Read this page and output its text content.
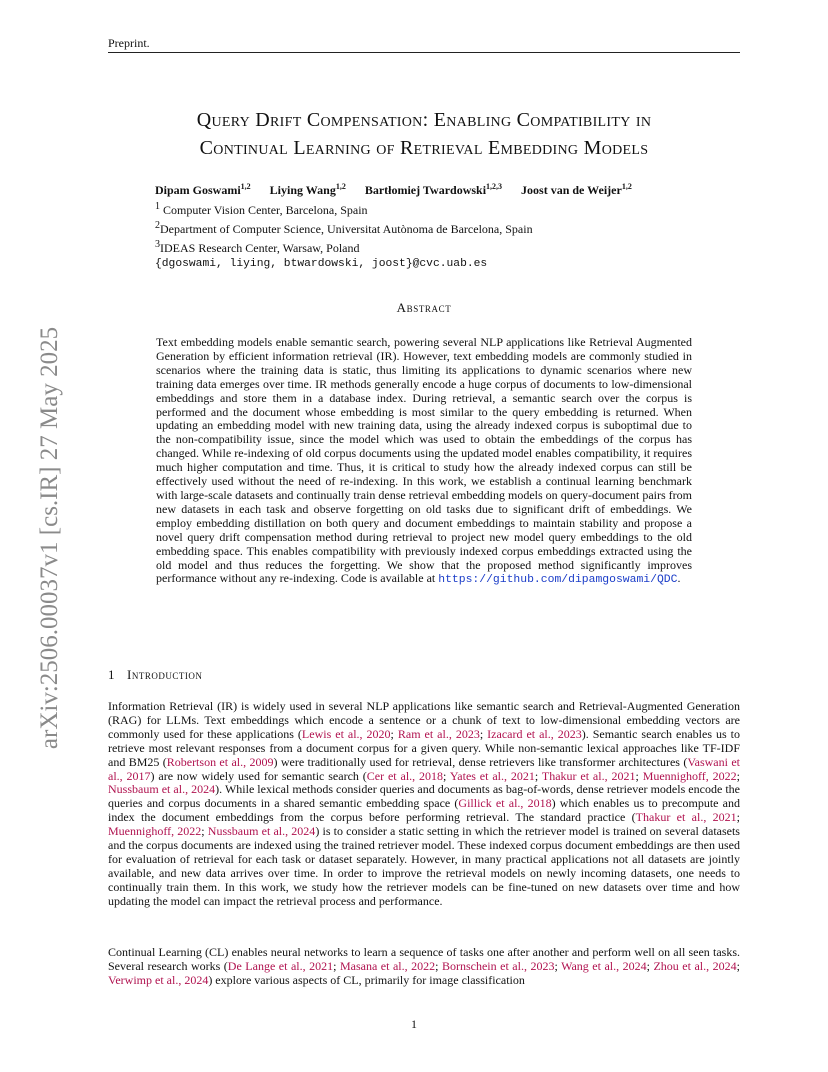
Preprint.
arXiv:2506.00037v1 [cs.IR] 27 May 2025
Query Drift Compensation: Enabling Compatibility in
Continual Learning of Retrieval Embedding Models
Dipam Goswami$^{1,2}$ Liying Wang$^{1,2}$ Bartłomiej Twardowski$^{1,2,3}$ Joost van de Weijer$^{1,2}$
$^1$ Computer Vision Center, Barcelona, Spain
$^2$Department of Computer Science, Universitat Autònoma de Barcelona, Spain
$^3$IDEAS Research Center, Warsaw, Poland
{dgoswami, liying, btwardowski, joost}@cvc.uab.es
Abstract
Text embedding models enable semantic search, powering several NLP applications like Retrieval Augmented Generation by efficient information retrieval (IR). However, text embedding models are commonly studied in scenarios where the training data is static, thus limiting its applications to dynamic scenarios where new training data emerges over time. IR methods generally encode a huge corpus of documents to low-dimensional embeddings and store them in a database index. During retrieval, a semantic search over the corpus is performed and the document whose embedding is most similar to the query embedding is returned. When updating an embedding model with new training data, using the already indexed corpus is suboptimal due to the non-compatibility issue, since the model which was used to obtain the embeddings of the corpus has changed. While re-indexing of old corpus documents using the updated model enables compatibility, it requires much higher computation and time. Thus, it is critical to study how the already indexed corpus can still be effectively used without the need of re-indexing. In this work, we establish a continual learning benchmark with large-scale datasets and continually train dense retrieval embedding models on query-document pairs from new datasets in each task and observe forgetting on old tasks due to significant drift of embeddings. We employ embedding distillation on both query and document embeddings to maintain stability and propose a novel query drift compensation method during retrieval to project new model query embeddings to the old embedding space. This enables compatibility with previously indexed corpus embeddings extracted using the old model and thus reduces the forgetting. We show that the proposed method significantly improves performance without any re-indexing. Code is available at https://github.com/dipamgoswami/QDC.
1 Introduction
Information Retrieval (IR) is widely used in several NLP applications like semantic search and Retrieval-Augmented Generation (RAG) for LLMs. Text embeddings which encode a sentence or a chunk of text to low-dimensional embedding vectors are commonly used for these applications (Lewis et al., 2020; Ram et al., 2023; Izacard et al., 2023). Semantic search enables us to retrieve most relevant responses from a document corpus for a given query. While non-semantic lexical approaches like TF-IDF and BM25 (Robertson et al., 2009) were traditionally used for retrieval, dense retrievers like transformer architectures (Vaswani et al., 2017) are now widely used for semantic search (Cer et al., 2018; Yates et al., 2021; Thakur et al., 2021; Muennighoff, 2022; Nussbaum et al., 2024). While lexical methods consider queries and documents as bag-of-words, dense retriever models encode the queries and corpus documents in a shared semantic embedding space (Gillick et al., 2018) which enables us to precompute and index the document embeddings from the corpus before performing retrieval. The standard practice (Thakur et al., 2021; Muennighoff, 2022; Nussbaum et al., 2024) is to consider a static setting in which the retriever model is trained on several datasets and the corpus documents are indexed using the trained retriever model. These indexed corpus document embeddings are then used for evaluation of retrieval for each task or dataset separately. However, in many practical applications not all datasets are jointly available, and new data arrives over time. In order to improve the retrieval models on newly incoming datasets, one needs to continually train them. In this work, we study how the retriever models can be fine-tuned on new datasets over time and how updating the model can impact the retrieval process and performance.
Continual Learning (CL) enables neural networks to learn a sequence of tasks one after another and perform well on all seen tasks. Several research works (De Lange et al., 2021; Masana et al., 2022; Bornschein et al., 2023; Wang et al., 2024; Zhou et al., 2024; Verwimp et al., 2024) explore various aspects of CL, primarily for image classification
1
